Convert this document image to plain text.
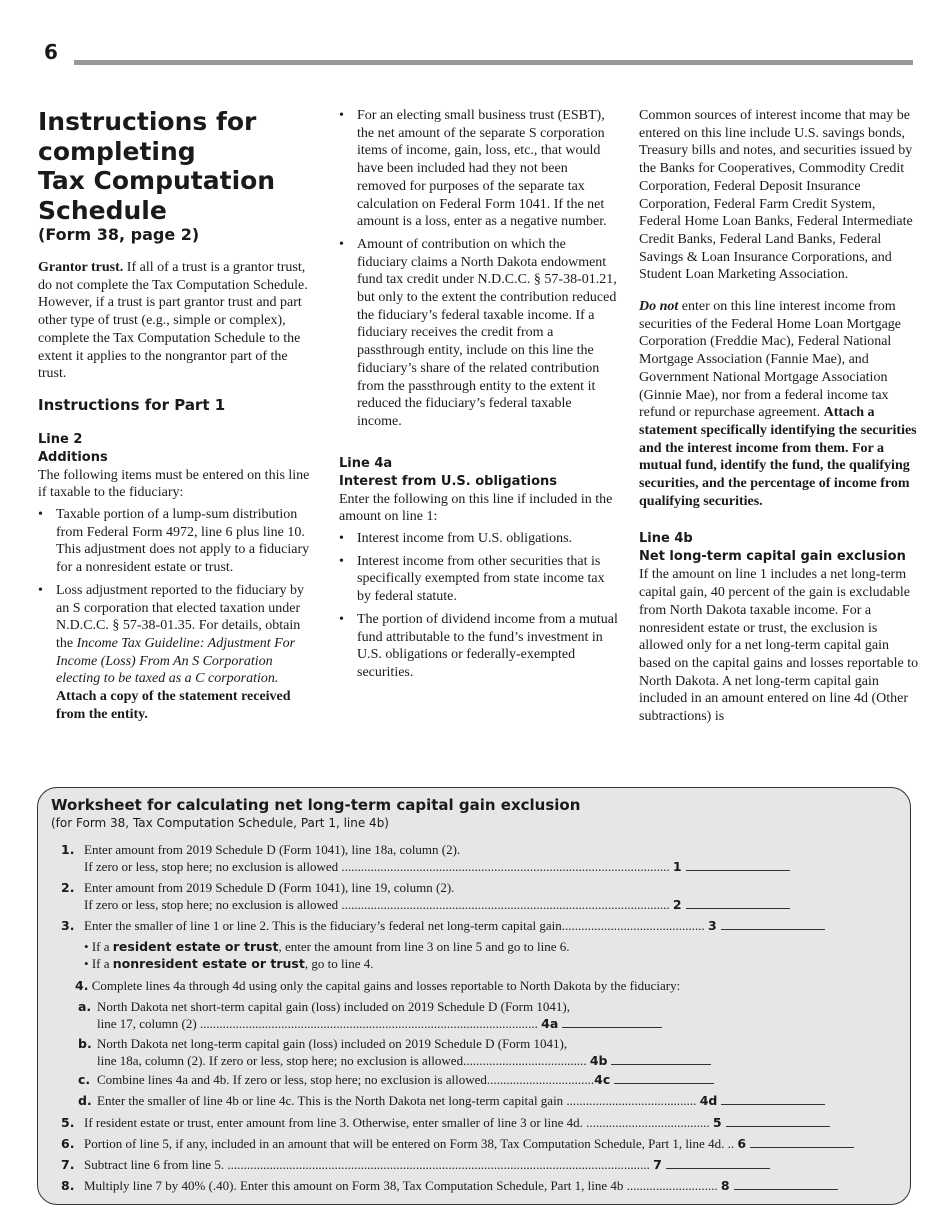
6
Instructions for
completing
Tax Computation
Schedule
(Form 38, page 2)

Grantor trust. If all of a trust is a grantor trust, do not complete the Tax Computation Schedule. However, if a trust is part grantor trust and part other type of trust (e.g., simple or complex), complete the Tax Computation Schedule to the extent it applies to the nongrantor part of the trust.

Instructions for Part 1
Line 2
Additions
The following items must be entered on this line if taxable to the fiduciary:
• Taxable portion of a lump-sum distribution from Federal Form 4972, line 6 plus line 10. This adjustment does not apply to a fiduciary for a nonresident estate or trust.
• Loss adjustment reported to the fiduciary by an S corporation that elected taxation under N.D.C.C. § 57-38-01.35. For details, obtain the Income Tax Guideline: Adjustment For Income (Loss) From An S Corporation electing to be taxed as a C corporation. Attach a copy of the statement received from the entity.
• For an electing small business trust (ESBT), the net amount of the separate S corporation items of income, gain, loss, etc., that would have been included had they not been removed for purposes of the separate tax calculation on Federal Form 1041. If the net amount is a loss, enter as a negative number.
• Amount of contribution on which the fiduciary claims a North Dakota endowment fund tax credit under N.D.C.C. § 57-38-01.21, but only to the extent the contribution reduced the fiduciary’s federal taxable income. If a fiduciary receives the credit from a passthrough entity, include on this line the fiduciary’s share of the related contribution from the passthrough entity to the extent it reduced the fiduciary’s federal taxable income.
Line 4a
Interest from U.S. obligations
Enter the following on this line if included in the amount on line 1:
• Interest income from U.S. obligations.
• Interest income from other securities that is specifically exempted from state income tax by federal statute.
• The portion of dividend income from a mutual fund attributable to the fund’s investment in U.S. obligations or federally-exempted securities.

Common sources of interest income that may be entered on this line include U.S. savings bonds, Treasury bills and notes, and securities issued by the Banks for Cooperatives, Commodity Credit Corporation, Federal Deposit Insurance Corporation, Federal Farm Credit System, Federal Home Loan Banks, Federal Intermediate Credit Banks, Federal Land Banks, Federal Savings & Loan Insurance Corporations, and Student Loan Marketing Association.

Do not enter on this line interest income from securities of the Federal Home Loan Mortgage Corporation (Freddie Mac), Federal National Mortgage Association (Fannie Mae), and Government National Mortgage Association (Ginnie Mae), nor from a federal income tax refund or repurchase agreement. Attach a statement specifically identifying the securities and the interest income from them. For a mutual fund, identify the fund, the qualifying securities, and the percentage of income from qualifying securities.

Line 4b
Net long-term capital gain exclusion
If the amount on line 1 includes a net long-term capital gain, 40 percent of the gain is excludable from North Dakota taxable income. For a nonresident estate or trust, the exclusion is allowed only for a net long-term capital gain based on the capital gains and losses reportable to North Dakota. A net long-term capital gain included in an amount entered on line 4d (Other subtractions) is
Worksheet for calculating net long-term capital gain exclusion
(for Form 38, Tax Computation Schedule, Part 1, line 4b)
1. Enter amount from 2019 Schedule D (Form 1041), line 18a, column (2).
If zero or less, stop here; no exclusion is allowed ..................................................................................................... 1
2. Enter amount from 2019 Schedule D (Form 1041), line 19, column (2).
If zero or less, stop here; no exclusion is allowed ..................................................................................................... 2
3. Enter the smaller of line 1 or line 2. This is the fiduciary’s federal net long-term capital gain............................................ 3
• If a resident estate or trust, enter the amount from line 3 on line 5 and go to line 6.
• If a nonresident estate or trust, go to line 4.
4. Complete lines 4a through 4d using only the capital gains and losses reportable to North Dakota by the fiduciary:
a. North Dakota net short-term capital gain (loss) included on 2019 Schedule D (Form 1041),
line 17, column (2) ........................................................................................................ 4a
b. North Dakota net long-term capital gain (loss) included on 2019 Schedule D (Form 1041),
line 18a, column (2). If zero or less, stop here; no exclusion is allowed...................................... 4b
c. Combine lines 4a and 4b. If zero or less, stop here; no exclusion is allowed.................................4c
d. Enter the smaller of line 4b or line 4c. This is the North Dakota net long-term capital gain ........................................ 4d
5. If resident estate or trust, enter amount from line 3. Otherwise, enter smaller of line 3 or line 4d. ...................................... 5
6. Portion of line 5, if any, included in an amount that will be entered on Form 38, Tax Computation Schedule, Part 1, line 4d. .. 6
7. Subtract line 6 from line 5. .................................................................................................................................. 7
8. Multiply line 7 by 40% (.40). Enter this amount on Form 38, Tax Computation Schedule, Part 1, line 4b ............................ 8
